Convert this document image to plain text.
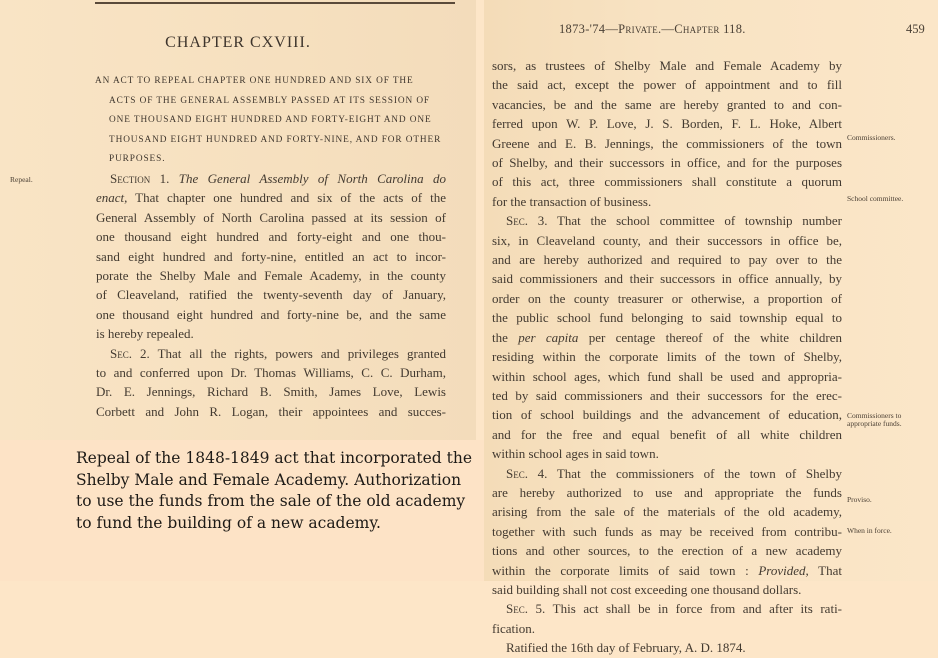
CHAPTER CXVIII.
AN ACT TO REPEAL CHAPTER ONE HUNDRED AND SIX OF THE
ACTS OF THE GENERAL ASSEMBLY PASSED AT ITS SESSION OF
ONE THOUSAND EIGHT HUNDRED AND FORTY-EIGHT AND ONE
THOUSAND EIGHT HUNDRED AND FORTY-NINE, AND FOR OTHER
PURPOSES.
Repeal.	Section 1. The General Assembly of North Carolina do
enact, That chapter one hundred and six of the acts of the
General Assembly of North Carolina passed at its session of
one thousand eight hundred and forty-eight and one thou-
sand eight hundred and forty-nine, entitled an act to incor-
porate the Shelby Male and Female Academy, in the county
of Cleaveland, ratified the twenty-seventh day of January,
one thousand eight hundred and forty-nine be, and the same
is hereby repealed.
Sec. 2. That all the rights, powers and privileges granted
to and conferred upon Dr. Thomas Williams, C. C. Durham,
Dr. E. Jennings, Richard B. Smith, James Love, Lewis
Corbett and John R. Logan, their appointees and succes-
Repeal of the 1848-1849 act that incorporated the Shelby Male and Female Academy. Authorization to use the funds from the sale of the old academy to fund the building of a new academy.
1873-'74—Private.—Chapter 118.	459
sors, as trustees of Shelby Male and Female Academy by
the said act, except the power of appointment and to fill
vacancies, be and the same are hereby granted to and con-
ferred upon W. P. Love, J. S. Borden, F. L. Hoke, Albert
Greene and E. B. Jennings, the commissioners of the town
of Shelby, and their successors in office, and for the purposes
of this act, three commissioners shall constitute a quorum
for the transaction of business.
Sec. 3. That the school committee of township number
six, in Cleaveland county, and their successors in office be,
and are hereby authorized and required to pay over to the
said commissioners and their successors in office annually, by
order on the county treasurer or otherwise, a proportion of
the public school fund belonging to said township equal to
the per capita per centage thereof of the white children
residing within the corporate limits of the town of Shelby,
within school ages, which fund shall be used and appropria-
ted by said commissioners and their successors for the erec-
tion of school buildings and the advancement of education,
and for the free and equal benefit of all white children
within school ages in said town.
Sec. 4. That the commissioners of the town of Shelby
are hereby authorized to use and appropriate the funds
arising from the sale of the materials of the old academy,
together with such funds as may be received from contribu-
tions and other sources, to the erection of a new academy
within the corporate limits of said town : Provided, That
said building shall not cost exceeding one thousand dollars.
Sec. 5. This act shall be in force from and after its rati-
fication.
Ratified the 16th day of February, A. D. 1874.
Commissioners.
School committee.
Commissioners to
appropriate funds.
Proviso.
When in force.
